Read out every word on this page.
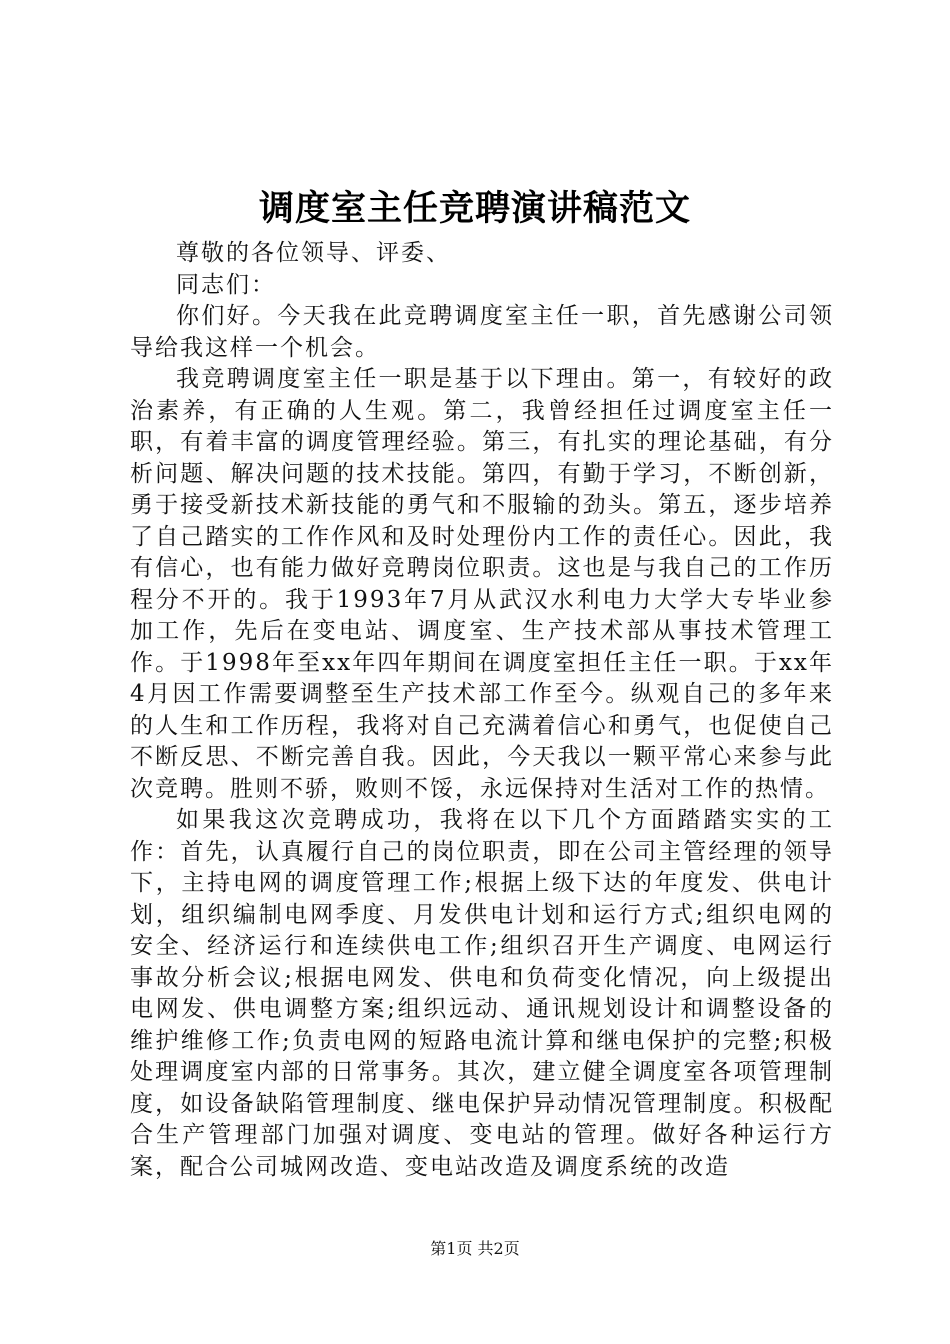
调度室主任竞聘演讲稿范文

尊敬的各位领导、评委、

同志们：

你们好。今天我在此竞聘调度室主任一职，首先感谢公司领导给我这样一个机会。

我竞聘调度室主任一职是基于以下理由。第一，有较好的政治素养，有正确的人生观。第二，我曾经担任过调度室主任一职，有着丰富的调度管理经验。第三，有扎实的理论基础，有分析问题、解决问题的技术技能。第四，有勤于学习，不断创新，勇于接受新技术新技能的勇气和不服输的劲头。第五，逐步培养了自己踏实的工作作风和及时处理份内工作的责任心。因此，我有信心，也有能力做好竞聘岗位职责。这也是与我自己的工作历程分不开的。我于1993年7月从武汉水利电力大学大专毕业参加工作，先后在变电站、调度室、生产技术部从事技术管理工作。于1998年至xx年四年期间在调度室担任主任一职。于xx年4月因工作需要调整至生产技术部工作至今。纵观自己的多年来的人生和工作历程，我将对自己充满着信心和勇气，也促使自己不断反思、不断完善自我。因此，今天我以一颗平常心来参与此次竞聘。胜则不骄，败则不馁，永远保持对生活对工作的热情。

如果我这次竞聘成功，我将在以下几个方面踏踏实实的工作：首先，认真履行自己的岗位职责，即在公司主管经理的领导下，主持电网的调度管理工作;根据上级下达的年度发、供电计划，组织编制电网季度、月发供电计划和运行方式;组织电网的安全、经济运行和连续供电工作;组织召开生产调度、电网运行事故分析会议;根据电网发、供电和负荷变化情况，向上级提出电网发、供电调整方案;组织远动、通讯规划设计和调整设备的维护维修工作;负责电网的短路电流计算和继电保护的完整;积极处理调度室内部的日常事务。其次，建立健全调度室各项管理制度，如设备缺陷管理制度、继电保护异动情况管理制度。积极配合生产管理部门加强对调度、变电站的管理。做好各种运行方案，配合公司城网改造、变电站改造及调度系统的改造

第1页 共2页
